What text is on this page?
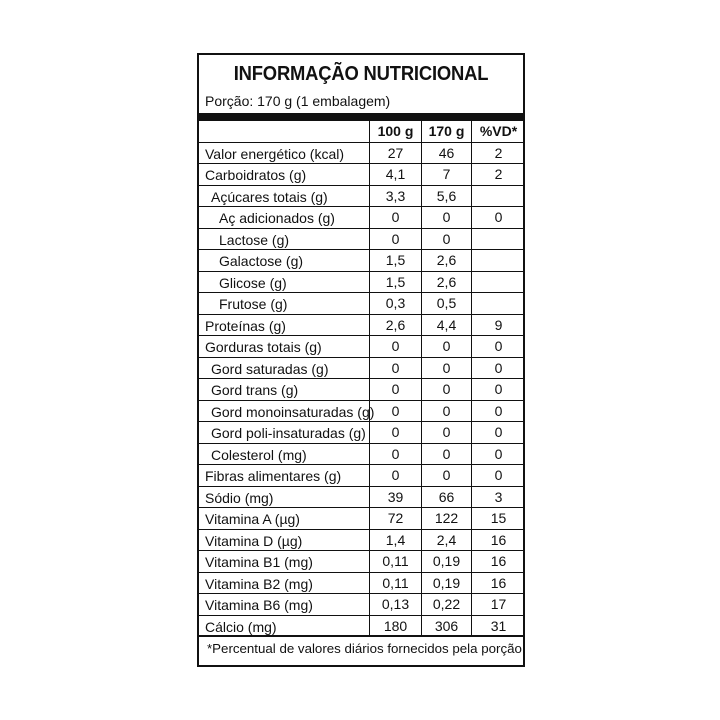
INFORMAÇÃO NUTRICIONAL
Porção: 170 g (1 embalagem)
100 g	170 g	%VD*
Valor energético (kcal)	27	46	2
Carboidratos (g)	4,1	7	2
Açúcares totais (g)	3,3	5,6
Aç adicionados (g)	0	0	0
Lactose (g)	0	0
Galactose (g)	1,5	2,6
Glicose (g)	1,5	2,6
Frutose (g)	0,3	0,5
Proteínas (g)	2,6	4,4	9
Gorduras totais (g)	0	0	0
Gord saturadas (g)	0	0	0
Gord trans (g)	0	0	0
Gord monoinsaturadas (g)	0	0	0
Gord poli-insaturadas (g)	0	0	0
Colesterol (mg)	0	0	0
Fibras alimentares (g)	0	0	0
Sódio (mg)	39	66	3
Vitamina A (µg)	72	122	15
Vitamina D (µg)	1,4	2,4	16
Vitamina B1 (mg)	0,11	0,19	16
Vitamina B2 (mg)	0,11	0,19	16
Vitamina B6 (mg)	0,13	0,22	17
Cálcio (mg)	180	306	31
*Percentual de valores diários fornecidos pela porção.
